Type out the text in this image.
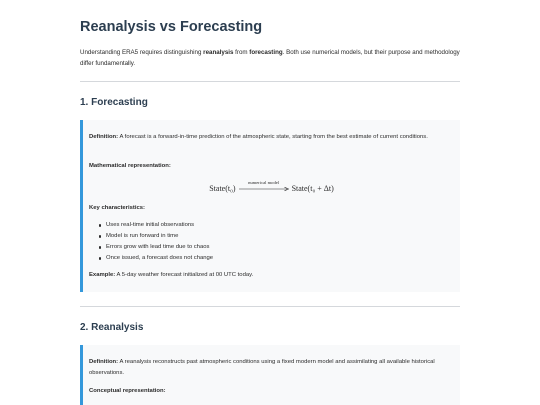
Reanalysis vs Forecasting

Understanding ERA5 requires distinguishing reanalysis from forecasting. Both use numerical models, but their purpose and methodology differ fundamentally.

1. Forecasting

Definition: A forecast is a forward-in-time prediction of the atmospheric state, starting from the best estimate of current conditions.

Mathematical representation:

State(t₀)
numerical model
State(t₀ + Δt)

Key characteristics:

Uses real-time initial observations
Model is run forward in time
Errors grow with lead time due to chaos
Once issued, a forecast does not change

Example: A 5-day weather forecast initialized at 00 UTC today.

2. Reanalysis

Definition: A reanalysis reconstructs past atmospheric conditions using a fixed modern model and assimilating all available historical observations.

Conceptual representation:
